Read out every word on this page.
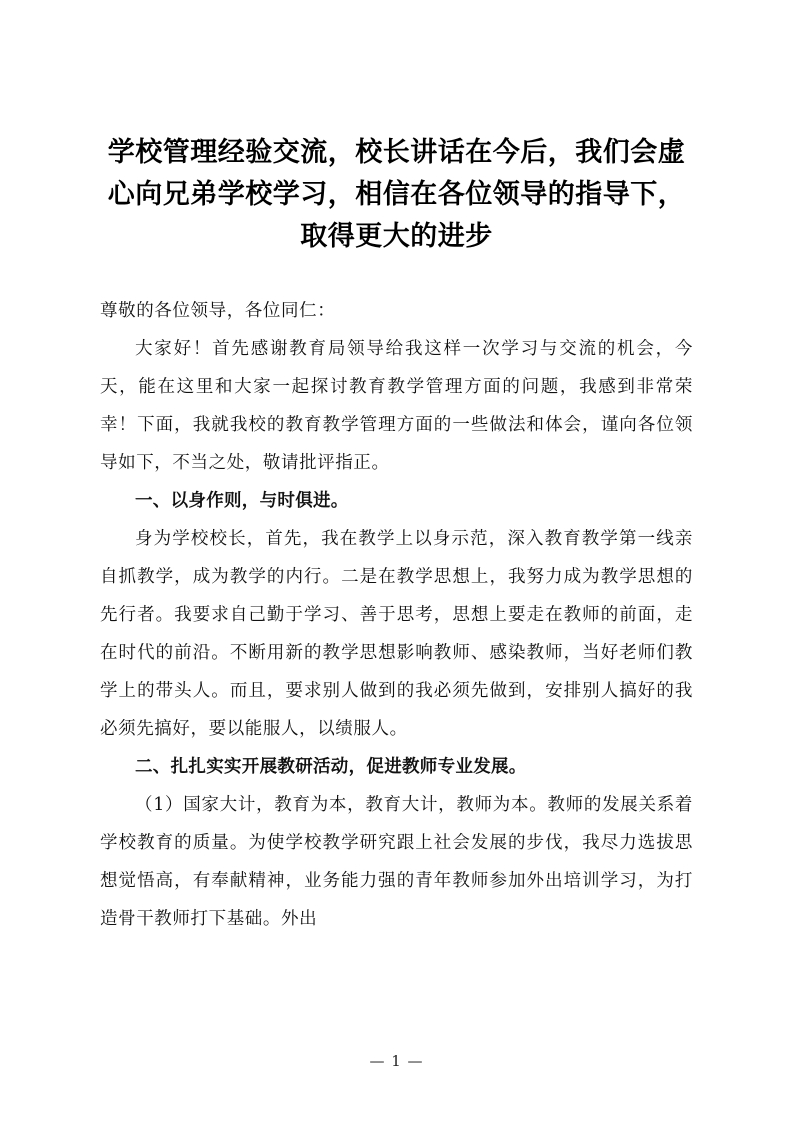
学校管理经验交流，校长讲话在今后，我们会虚心向兄弟学校学习，相信在各位领导的指导下，取得更大的进步

尊敬的各位领导，各位同仁：

大家好！首先感谢教育局领导给我这样一次学习与交流的机会，今天，能在这里和大家一起探讨教育教学管理方面的问题，我感到非常荣幸！下面，我就我校的教育教学管理方面的一些做法和体会，谨向各位领导如下，不当之处，敬请批评指正。

一、以身作则，与时俱进。

身为学校校长，首先，我在教学上以身示范，深入教育教学第一线亲自抓教学，成为教学的内行。二是在教学思想上，我努力成为教学思想的先行者。我要求自己勤于学习、善于思考，思想上要走在教师的前面，走在时代的前沿。不断用新的教学思想影响教师、感染教师，当好老师们教学上的带头人。而且，要求别人做到的我必须先做到，安排别人搞好的我必须先搞好，要以能服人，以绩服人。

二、扎扎实实开展教研活动，促进教师专业发展。

（1）国家大计，教育为本，教育大计，教师为本。教师的发展关系着学校教育的质量。为使学校教学研究跟上社会发展的步伐，我尽力选拔思想觉悟高，有奉献精神，业务能力强的青年教师参加外出培训学习，为打造骨干教师打下基础。外出

— 1 —
